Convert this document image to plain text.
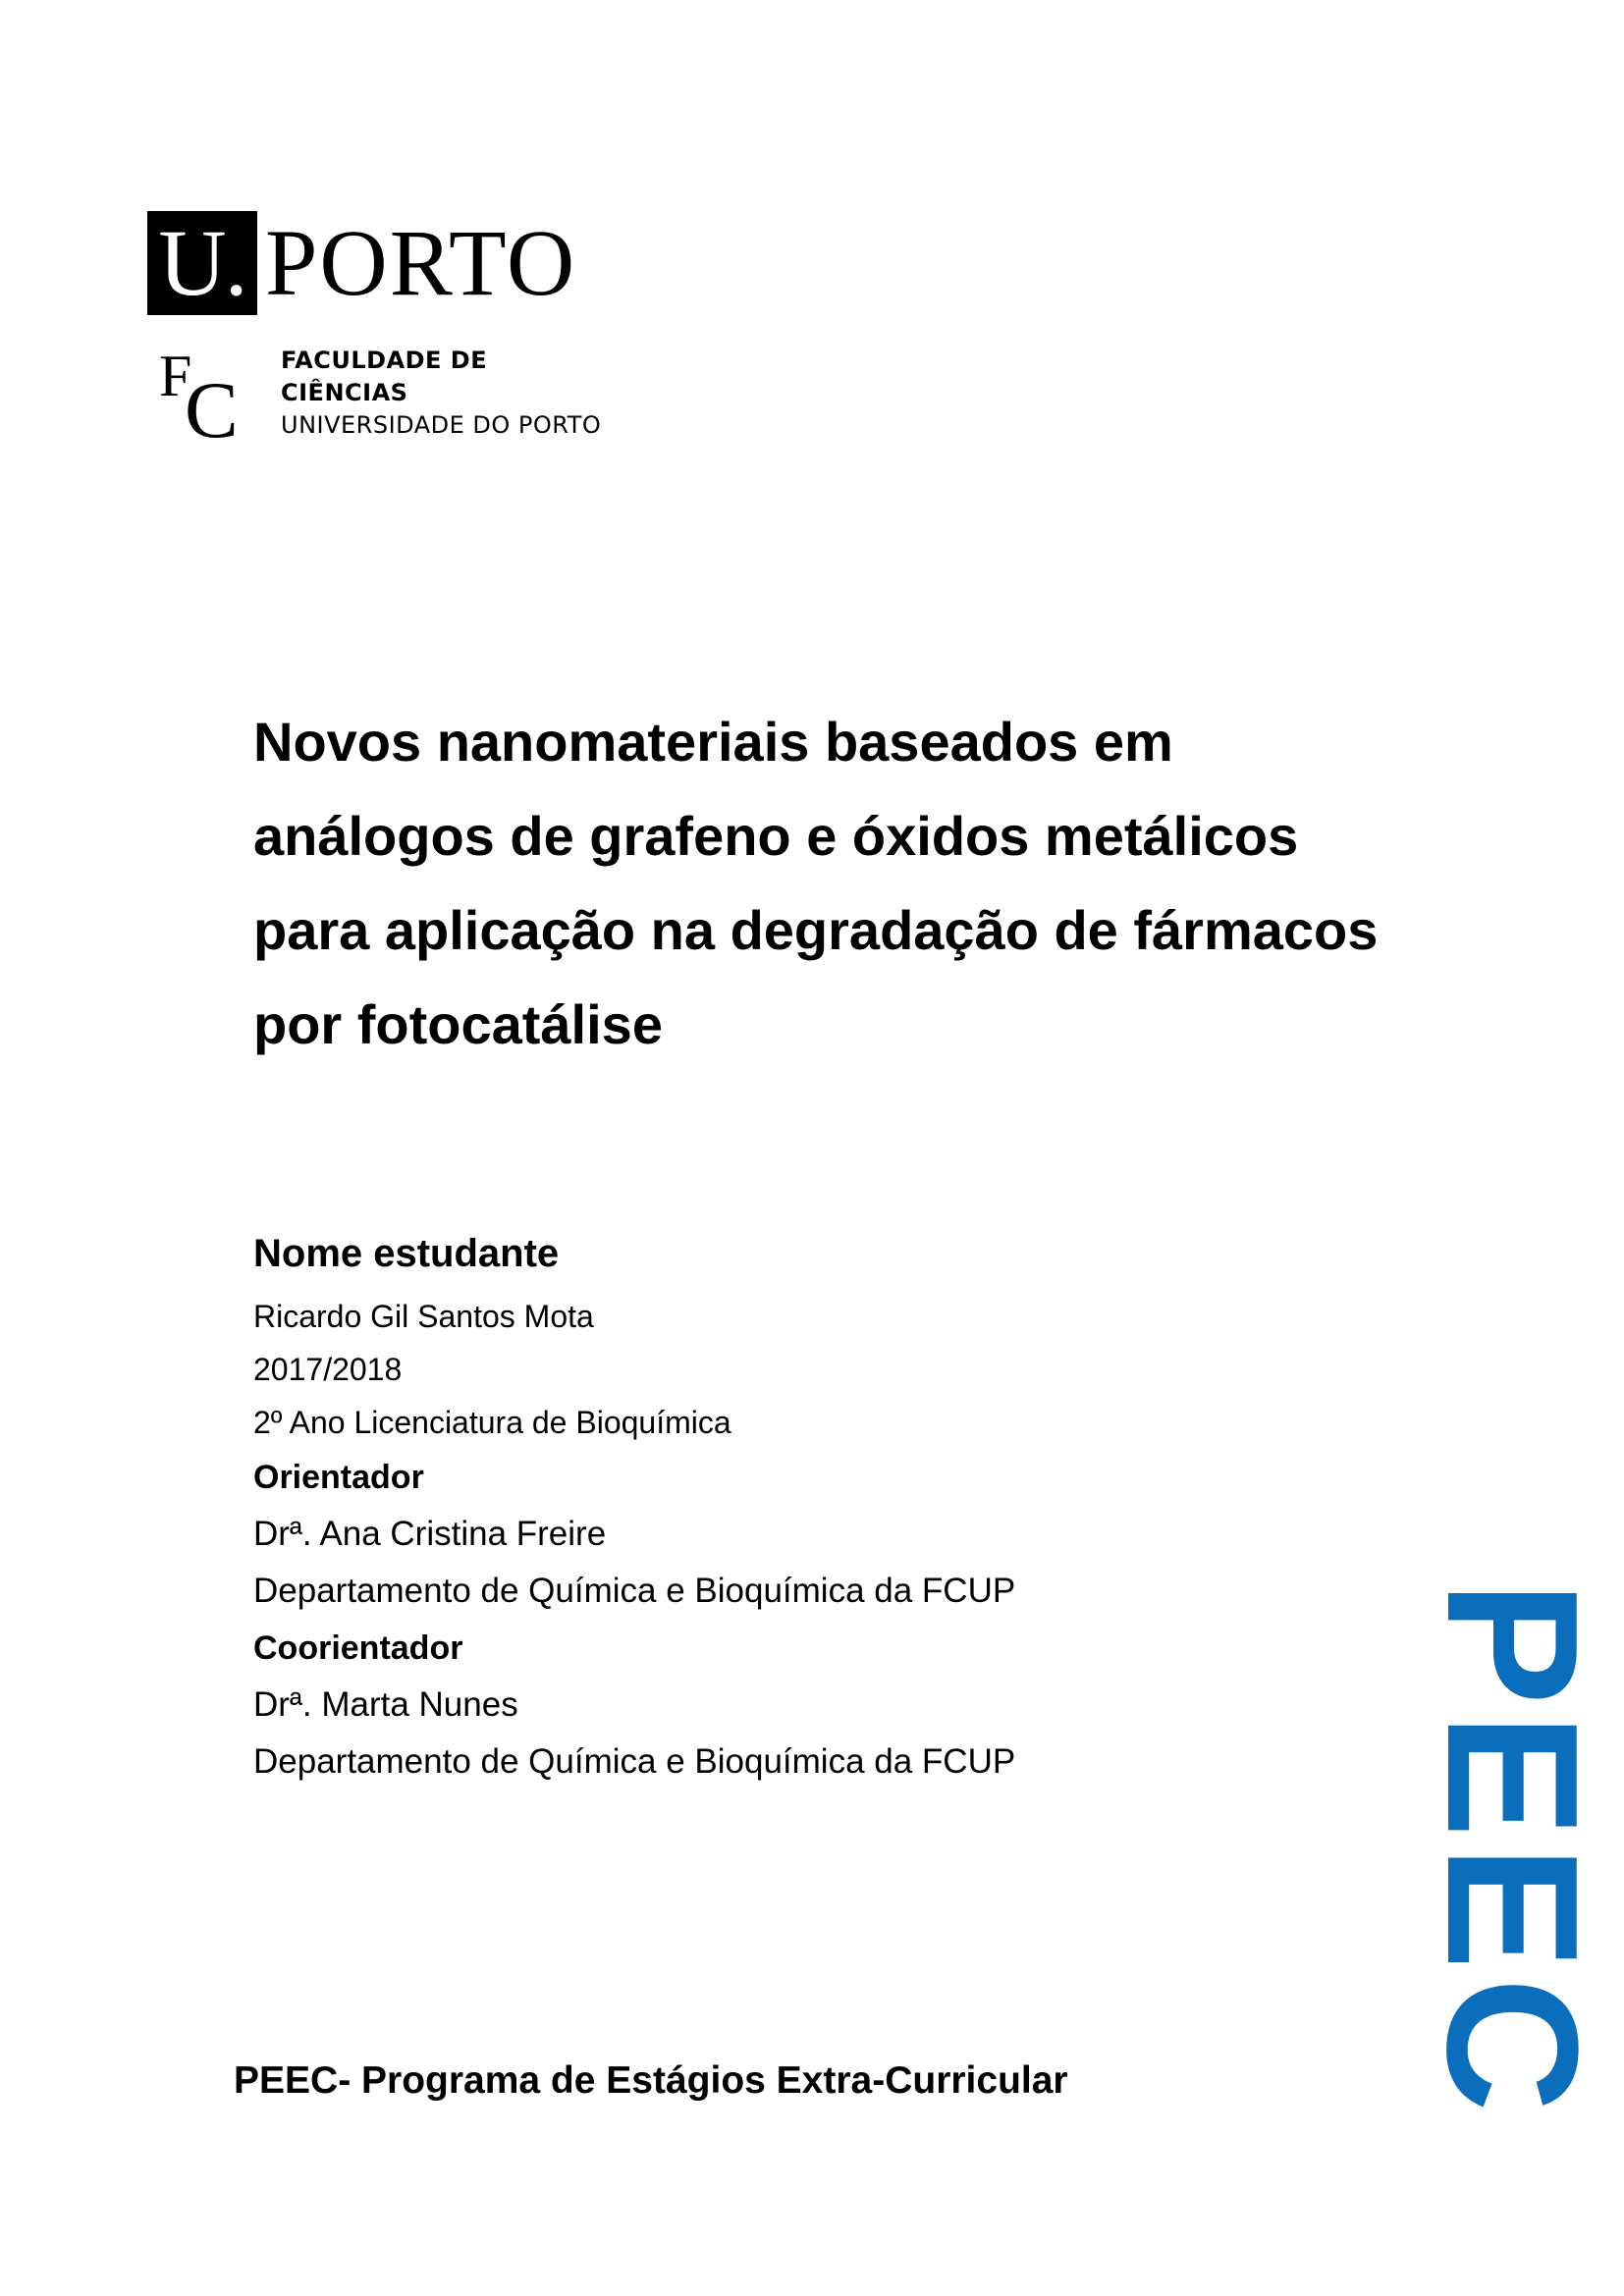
U. PORTO
F
C
FACULDADE DE CIÊNCIAS
UNIVERSIDADE DO PORTO
Novos nanomateriais baseados em
análogos de grafeno e óxidos metálicos
para aplicação na degradação de fármacos
por fotocatálise
Nome estudante
Ricardo Gil Santos Mota
2017/2018
2º Ano Licenciatura de Bioquímica
Orientador
Drª. Ana Cristina Freire
Departamento de Química e Bioquímica da FCUP
Coorientador
Drª. Marta Nunes
Departamento de Química e Bioquímica da FCUP	PEEC
PEEC- Programa de Estágios Extra-Curricular
